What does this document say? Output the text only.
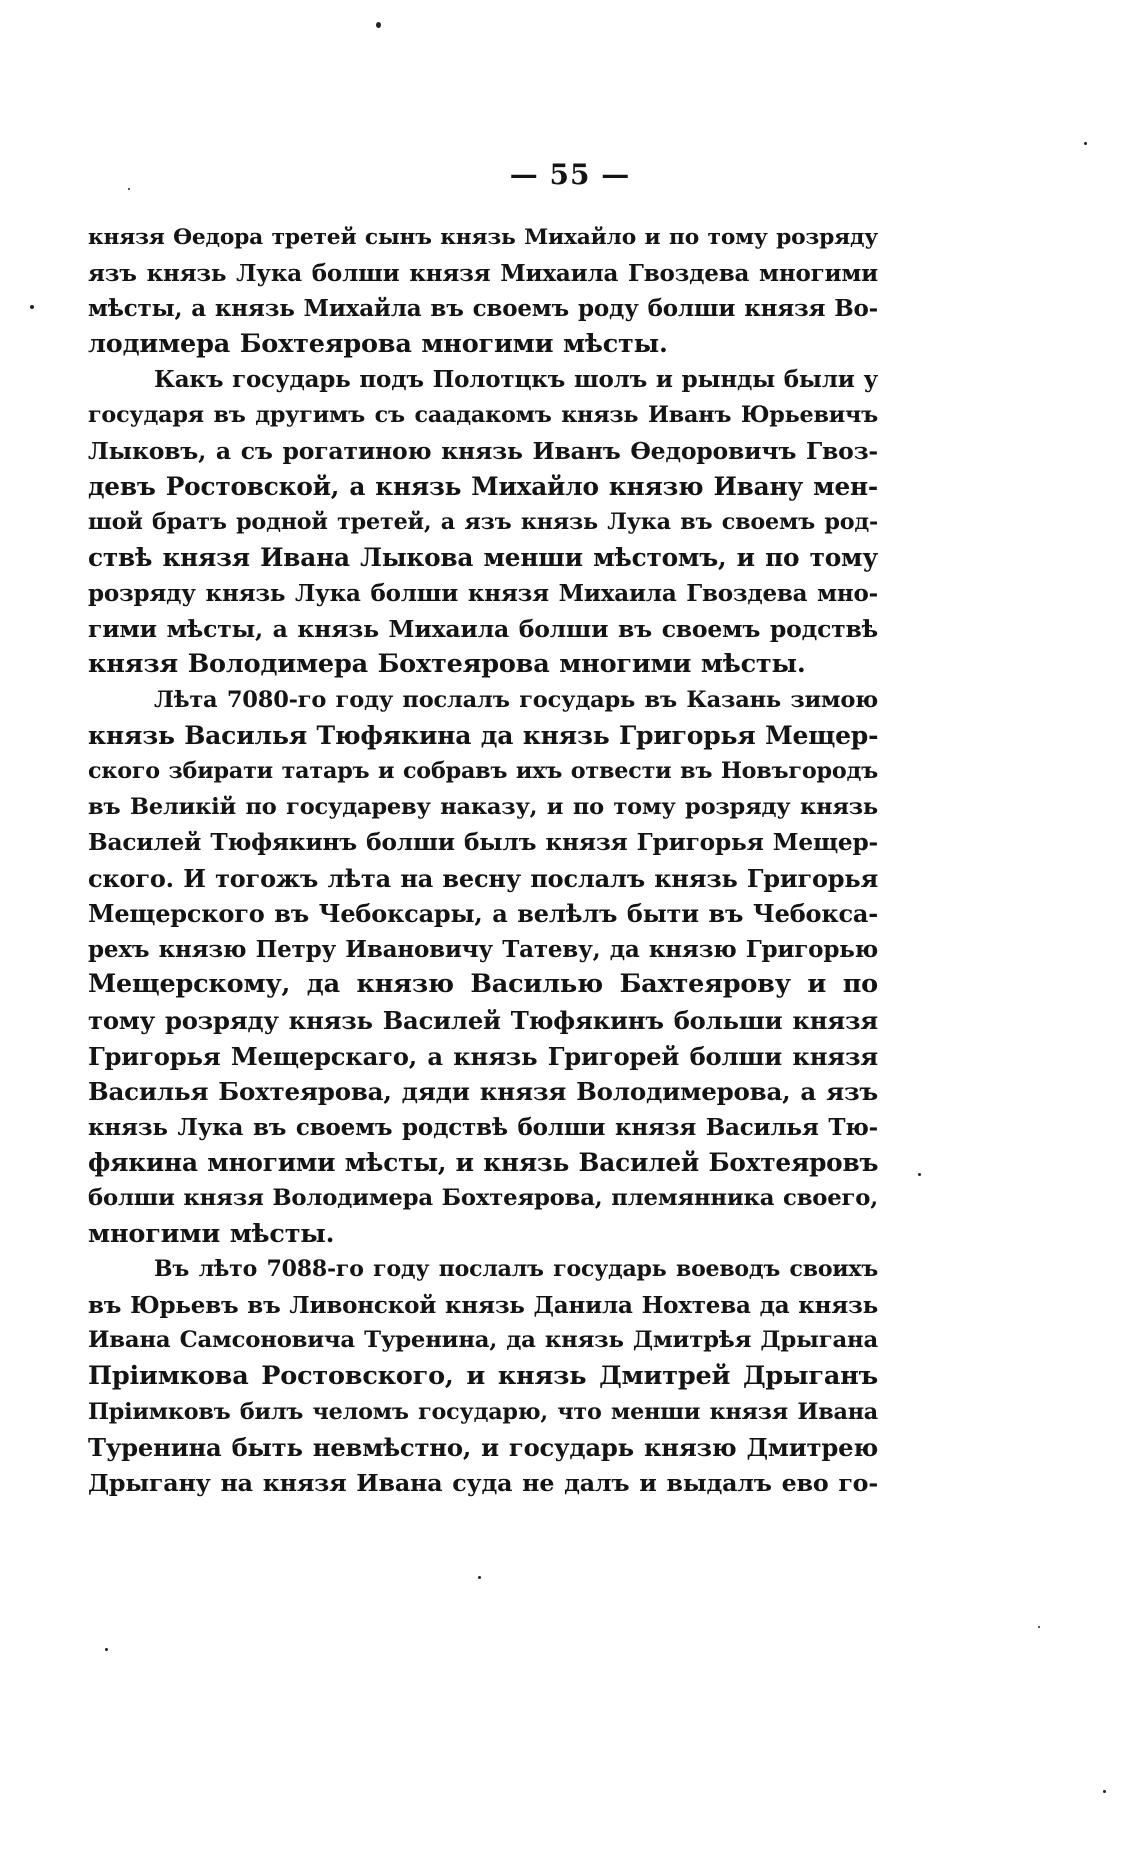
— 55 —

князя Өедора третей сынъ князь Михайло и по тому розряду
язъ князь Лука болши князя Михаила Гвоздева многими
мѣсты, а князь Михайла въ своемъ роду болши князя Во-
лодимера Бохтеярова многими мѣсты.

Какъ государь подъ Полотцкъ шолъ и рынды были у
государя въ другимъ съ саадакомъ князь Иванъ Юрьевичъ
Лыковъ, а съ рогатиною князь Иванъ Өедоровичъ Гвоз-
девъ Ростовской, а князь Михайло князю Ивану мен-
шой братъ родной третей, а язъ князь Лука въ своемъ род-
ствѣ князя Ивана Лыкова менши мѣстомъ, и по тому
розряду князь Лука болши князя Михаила Гвоздева мно-
гими мѣсты, а князь Михаила болши въ своемъ родствѣ
князя Володимера Бохтеярова многими мѣсты.

Лѣта 7080-го году послалъ государь въ Казань зимою
князь Василья Тюфякина да князь Григорья Мещер-
ского збирати татаръ и собравъ ихъ отвести въ Новъгородъ
въ Великій по государеву наказу, и по тому розряду князь
Василей Тюфякинъ болши былъ князя Григорья Мещер-
ского. И тогожъ лѣта на весну послалъ князь Григорья
Мещерского въ Чебоксары, а велѣлъ быти въ Чебокса-
рехъ князю Петру Ивановичу Татеву, да князю Григорью
Мещерскому, да князю Василью Бахтеярову и по
тому розряду князь Василей Тюфякинъ больши князя
Григорья Мещерскаго, а князь Григорей болши князя
Василья Бохтеярова, дяди князя Володимерова, а язъ
князь Лука въ своемъ родствѣ болши князя Василья Тю-
фякина многими мѣсты, и князь Василей Бохтеяровъ
болши князя Володимера Бохтеярова, племянника своего,
многими мѣсты.

Въ лѣто 7088-го году послалъ государь воеводъ своихъ
въ Юрьевъ въ Ливонской князь Данила Нохтева да князь
Ивана Самсоновича Туренина, да князь Дмитрѣя Дрыгана
Пріимкова Ростовского, и князь Дмитрей Дрыганъ
Пріимковъ билъ челомъ государю, что менши князя Ивана
Туренина быть невмѣстно, и государь князю Дмитрею
Дрыгану на князя Ивана суда не далъ и выдалъ ево го-
